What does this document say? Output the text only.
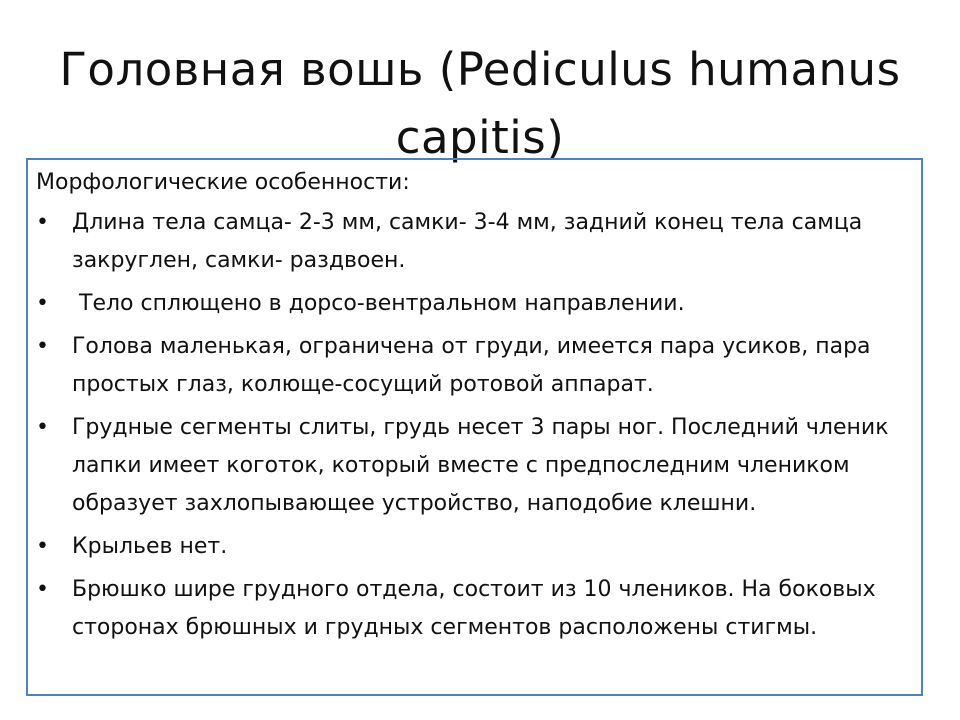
Головная вошь (Pediculus humanus capitis)
Морфологические особенности:
• Длина тела самца- 2-3 мм, самки- 3-4 мм, задний конец тела самца закруглен, самки- раздвоен.
• Тело сплющено в дорсо-вентральном направлении.
• Голова маленькая, ограничена от груди, имеется пара усиков, пара простых глаз, колюще-сосущий ротовой аппарат.
• Грудные сегменты слиты, грудь несет 3 пары ног. Последний членик лапки имеет коготок, который вместе с предпоследним члеником образует захлопывающее устройство, наподобие клешни.
• Крыльев нет.
• Брюшко шире грудного отдела, состоит из 10 члеников. На боковых сторонах брюшных и грудных сегментов расположены стигмы.
